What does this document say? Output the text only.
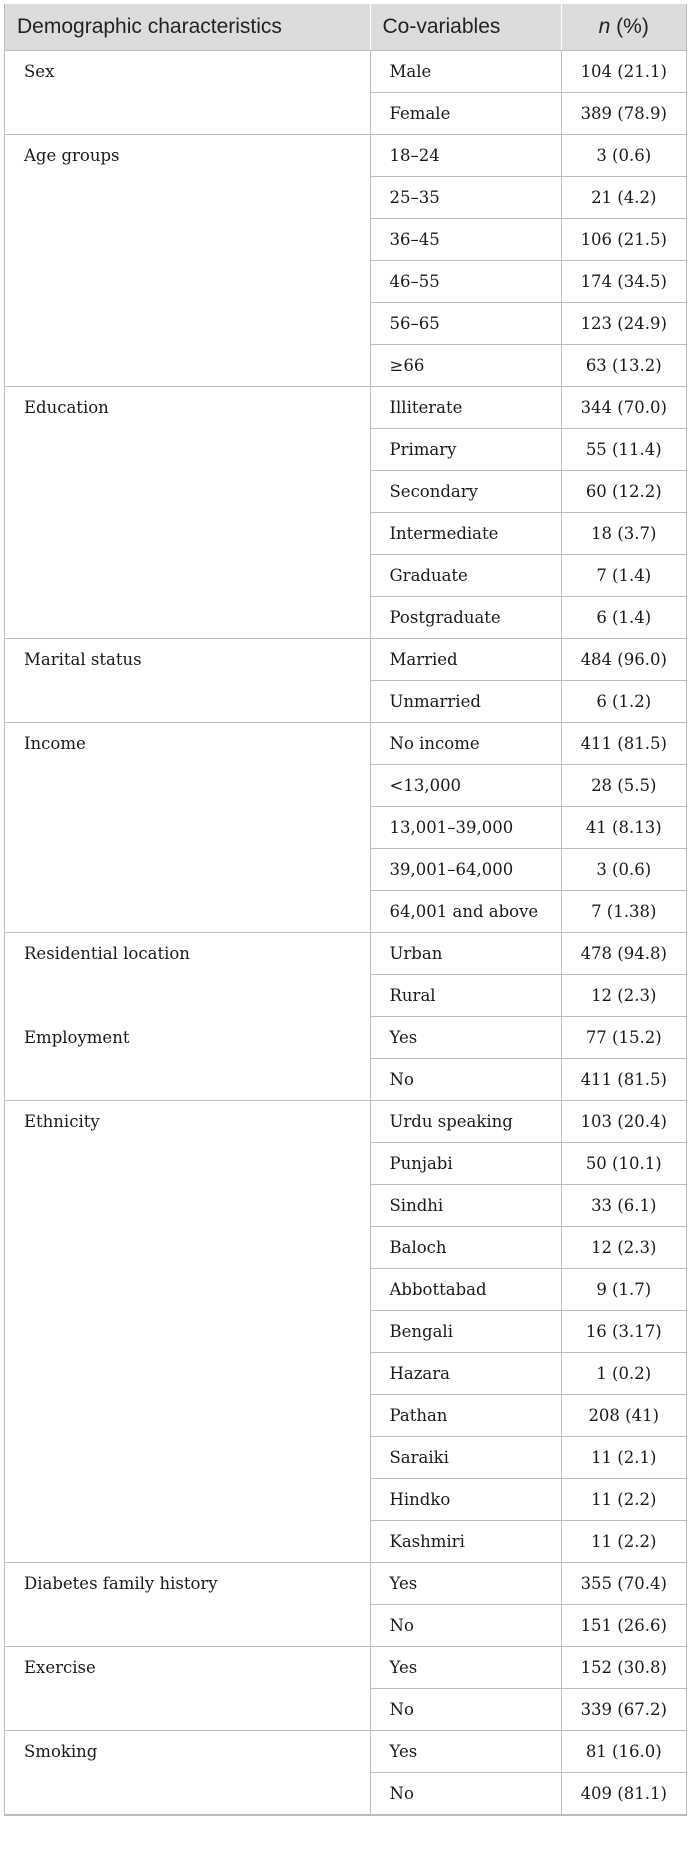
Demographic characteristics	Co-variables	n (%)
Sex	Male	104 (21.1)
	Female	389 (78.9)
Age groups	18–24	3 (0.6)
	25–35	21 (4.2)
	36–45	106 (21.5)
	46–55	174 (34.5)
	56–65	123 (24.9)
	≥66	63 (13.2)
Education	Illiterate	344 (70.0)
	Primary	55 (11.4)
	Secondary	60 (12.2)
	Intermediate	18 (3.7)
	Graduate	7 (1.4)
	Postgraduate	6 (1.4)
Marital status	Married	484 (96.0)
	Unmarried	6 (1.2)
Income	No income	411 (81.5)
	<13,000	28 (5.5)
	13,001–39,000	41 (8.13)
	39,001–64,000	3 (0.6)
	64,001 and above	7 (1.38)
Residential location	Urban	478 (94.8)
	Rural	12 (2.3)
Employment	Yes	77 (15.2)
	No	411 (81.5)
Ethnicity	Urdu speaking	103 (20.4)
	Punjabi	50 (10.1)
	Sindhi	33 (6.1)
	Baloch	12 (2.3)
	Abbottabad	9 (1.7)
	Bengali	16 (3.17)
	Hazara	1 (0.2)
	Pathan	208 (41)
	Saraiki	11 (2.1)
	Hindko	11 (2.2)
	Kashmiri	11 (2.2)
Diabetes family history	Yes	355 (70.4)
	No	151 (26.6)
Exercise	Yes	152 (30.8)
	No	339 (67.2)
Smoking	Yes	81 (16.0)
	No	409 (81.1)
